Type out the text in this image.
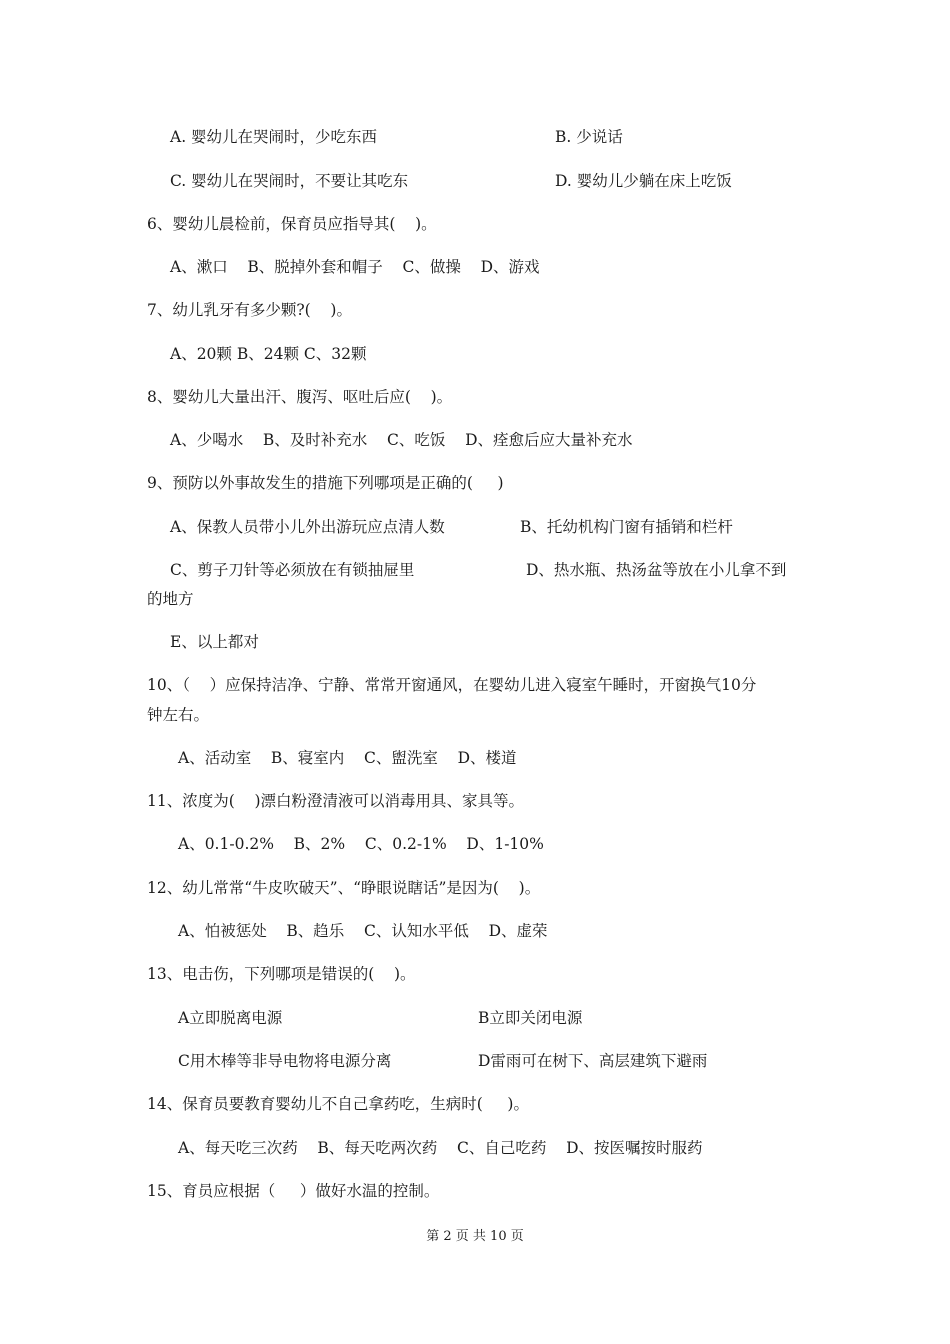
A. 婴幼儿在哭闹时，少吃东西	B. 少说话
C. 婴幼儿在哭闹时，不要让其吃东	D. 婴幼儿少躺在床上吃饭
6、婴幼儿晨检前，保育员应指导其(    )。
A、漱口    B、脱掉外套和帽子    C、做操    D、游戏
7、幼儿乳牙有多少颗?(    )。
A、20颗 B、24颗 C、32颗
8、婴幼儿大量出汗、腹泻、呕吐后应(    )。
A、少喝水    B、及时补充水    C、吃饭    D、痊愈后应大量补充水
9、预防以外事故发生的措施下列哪项是正确的(     )
A、保教人员带小儿外出游玩应点清人数	B、托幼机构门窗有插销和栏杆
C、剪子刀针等必须放在有锁抽屉里	D、热水瓶、热汤盆等放在小儿拿不到
的地方
E、以上都对
10、（    ）应保持洁净、宁静、常常开窗通风，在婴幼儿进入寝室午睡时，开窗换气10分
钟左右。
A、活动室    B、寝室内    C、盥洗室    D、楼道
11、浓度为(    )漂白粉澄清液可以消毒用具、家具等。
A、0.1-0.2%    B、2%    C、0.2-1%    D、1-10%
12、幼儿常常“牛皮吹破天”、“睁眼说瞎话”是因为(    )。
A、怕被惩处    B、趋乐    C、认知水平低    D、虚荣
13、电击伤，下列哪项是错误的(    )。
A立即脱离电源	B立即关闭电源
C用木棒等非导电物将电源分离	D雷雨可在树下、高层建筑下避雨
14、保育员要教育婴幼儿不自己拿药吃，生病时(     )。
A、每天吃三次药    B、每天吃两次药    C、自己吃药    D、按医嘱按时服药
15、育员应根据（     ）做好水温的控制。
第 2 页 共 10 页
